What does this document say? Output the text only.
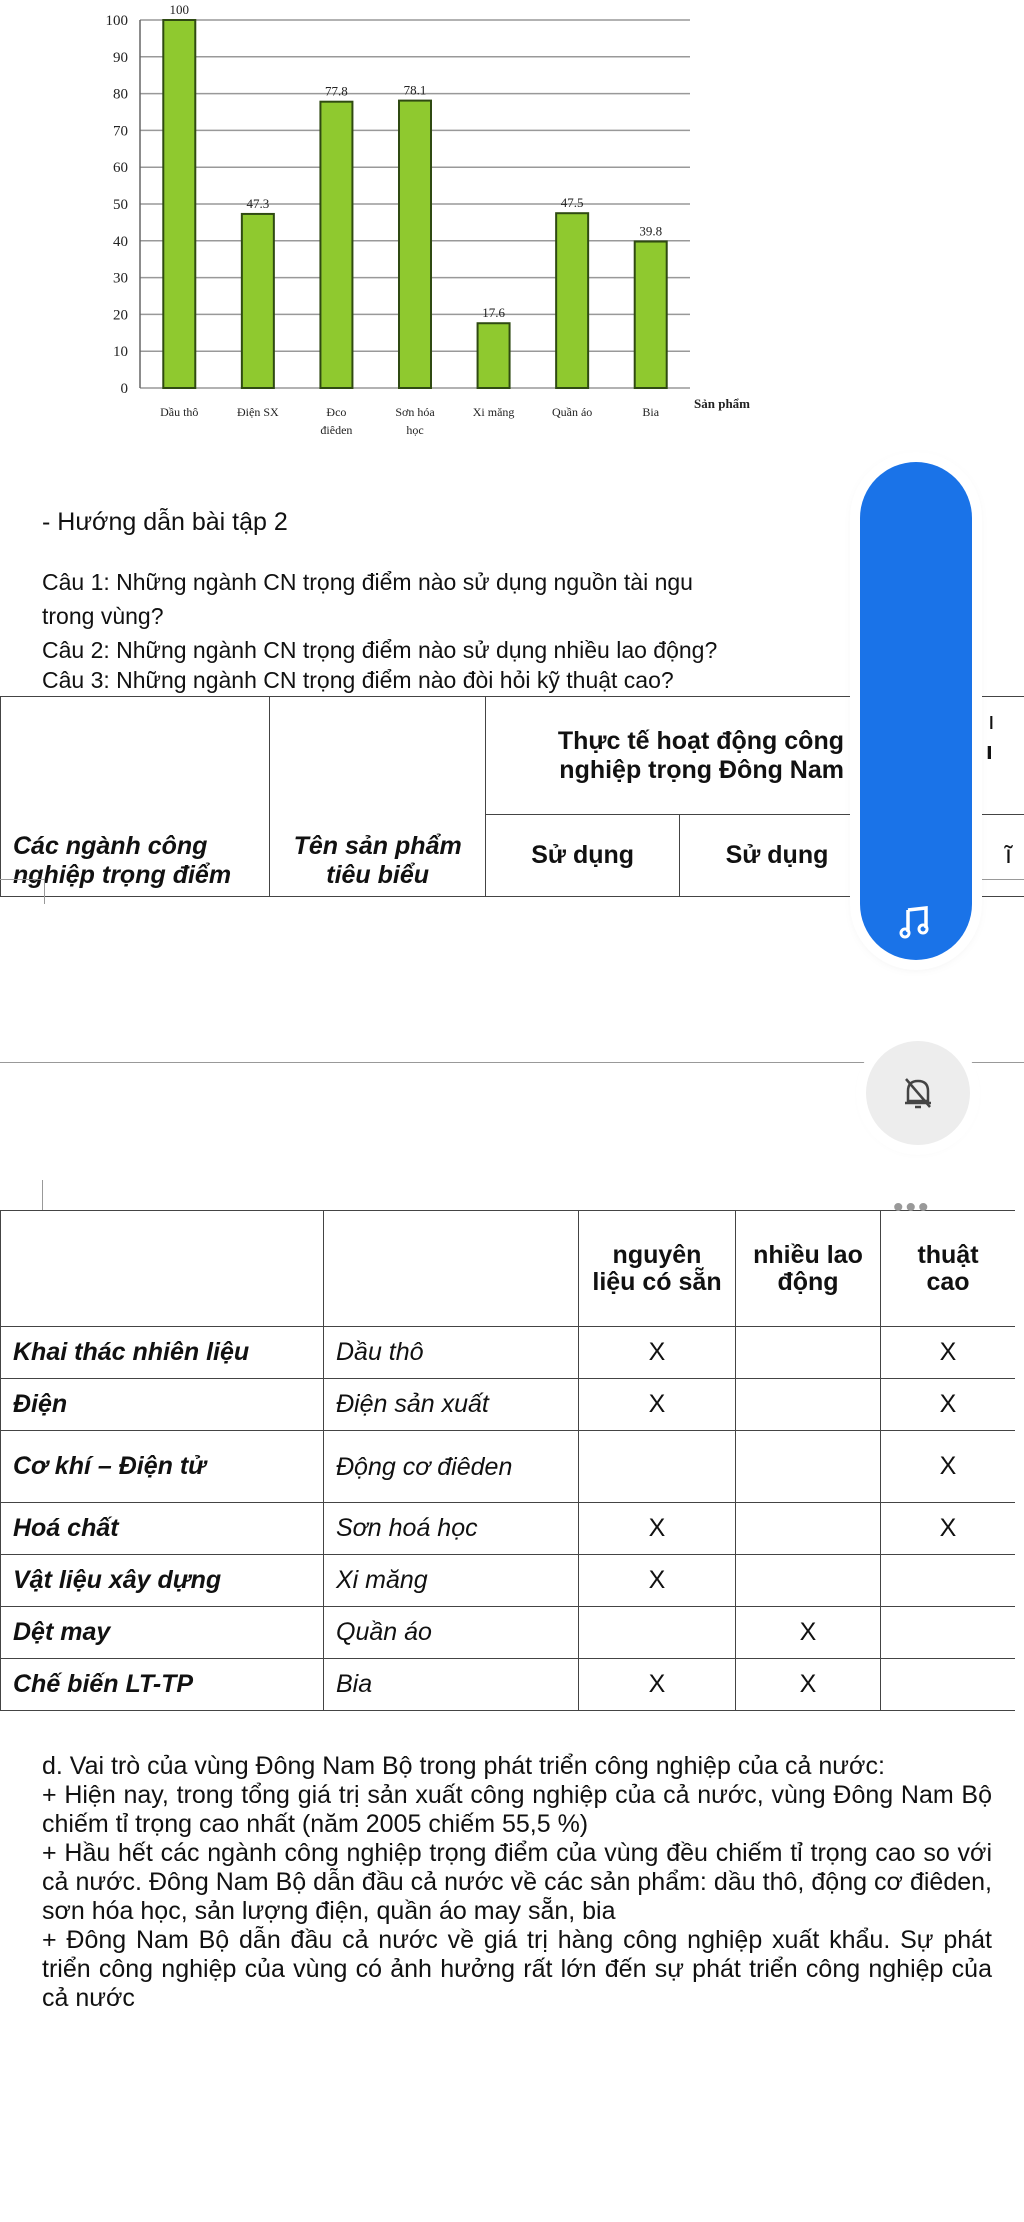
0
10
20
30
40
50
60
70
80
90
100
100
Dầu thô
47.3
Điện SX
77.8
Đco
điêden
78.1
Sơn hóa
học
17.6
Xi măng
47.5
Quần áo
39.8
Bia
Sản phẩm
- Hướng dẫn bài tập 2
Câu 1: Những ngành CN trọng điểm nào sử dụng nguồn tài ngu
trong vùng?
Câu 2: Những ngành CN trọng điểm nào sử dụng nhiều lao động?
Câu 3: Những ngành CN trọng điểm nào đòi hỏi kỹ thuật cao?
Các ngành công nghiệp trọng điểm	Tên sản phẩm tiêu biểu	Thực tế hoạt động công nghiệp trọng Đông Nam		
		Sử dụng	Sử dụng	ĩ
ı
ı
		nguyên liệu có sẵn	nhiều lao động	thuật cao
Khai thác nhiên liệu	Dầu thô	X		X
Điện	Điện sản xuất	X		X
Cơ khí – Điện tử	Động cơ điêden			X
Hoá chất	Sơn hoá học	X		X
Vật liệu xây dựng	Xi măng	X		
Dệt may	Quần áo		X	
Chế biến LT-TP	Bia	X	X	

d. Vai trò của vùng Đông Nam Bộ trong phát triển công nghiệp của cả nước:

+ Hiện nay, trong tổng giá trị sản xuất công nghiệp của cả nước, vùng Đông Nam Bộ chiếm tỉ trọng cao nhất (năm 2005 chiếm 55,5 %)

+ Hầu hết các ngành công nghiệp trọng điểm của vùng đều chiếm tỉ trọng cao so với cả nước. Đông Nam Bộ dẫn đầu cả nước về các sản phẩm: dầu thô, động cơ điêden, sơn hóa học, sản lượng điện, quần áo may sẵn, bia

+ Đông Nam Bộ dẫn đầu cả nước về giá trị hàng công nghiệp xuất khẩu. Sự phát triển công nghiệp của vùng có ảnh hưởng rất lớn đến sự phát triển công nghiệp của cả nước

•••
